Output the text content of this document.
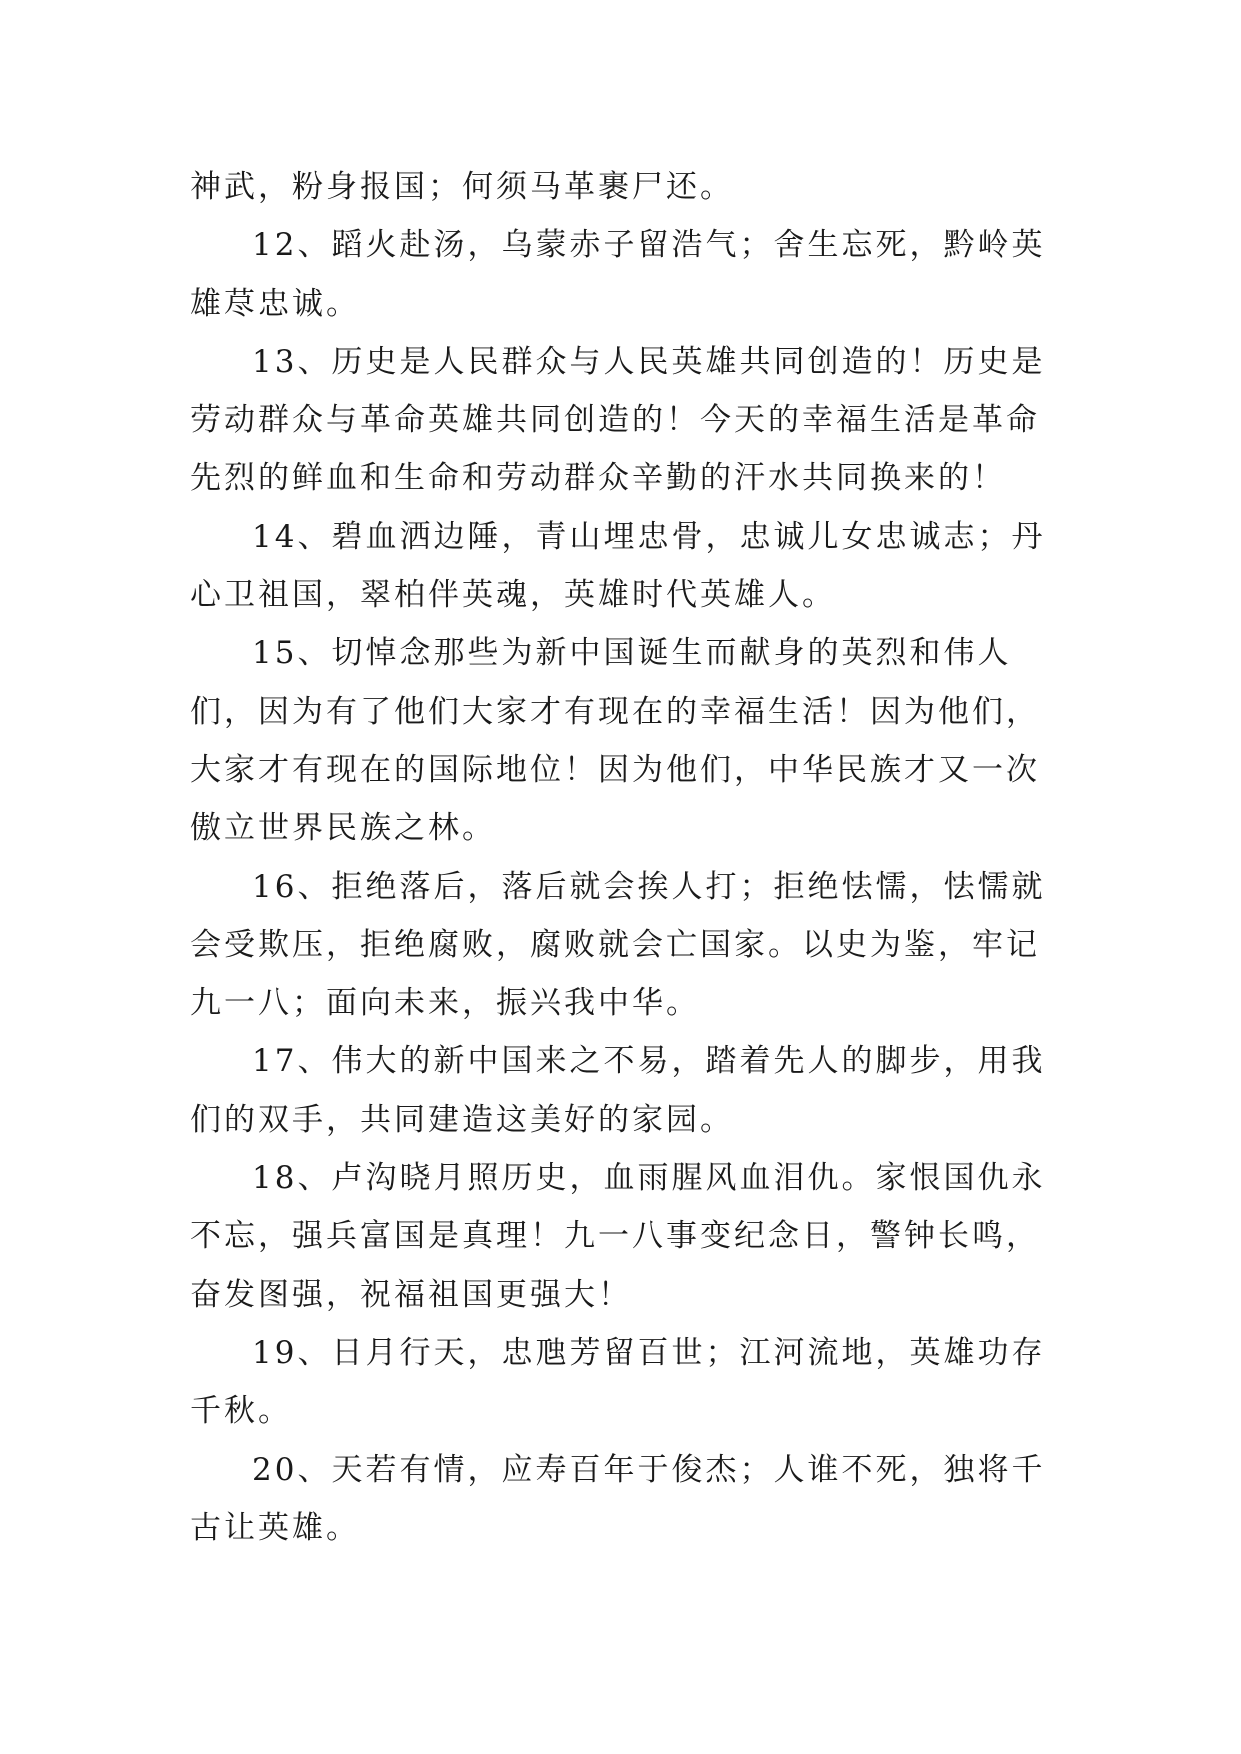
神武，粉身报国；何须马革裹尸还。

12、蹈火赴汤，乌蒙赤子留浩气；舍生忘死，黔岭英雄荩忠诚。

13、历史是人民群众与人民英雄共同创造的！历史是劳动群众与革命英雄共同创造的！今天的幸福生活是革命先烈的鲜血和生命和劳动群众辛勤的汗水共同换来的！

14、碧血洒边陲，青山埋忠骨，忠诚儿女忠诚志；丹心卫祖国，翠柏伴英魂，英雄时代英雄人。

15、切悼念那些为新中国诞生而献身的英烈和伟人们，因为有了他们大家才有现在的幸福生活！因为他们，大家才有现在的国际地位！因为他们，中华民族才又一次傲立世界民族之林。

16、拒绝落后，落后就会挨人打；拒绝怯懦，怯懦就会受欺压，拒绝腐败，腐败就会亡国家。以史为鉴，牢记九一八；面向未来，振兴我中华。

17、伟大的新中国来之不易，踏着先人的脚步，用我们的双手，共同建造这美好的家园。

18、卢沟晓月照历史，血雨腥风血泪仇。家恨国仇永不忘，强兵富国是真理！九一八事变纪念日，警钟长鸣，奋发图强，祝福祖国更强大！

19、日月行天，忠虺芳留百世；江河流地，英雄功存千秋。

20、天若有情，应寿百年于俊杰；人谁不死，独将千古让英雄。
